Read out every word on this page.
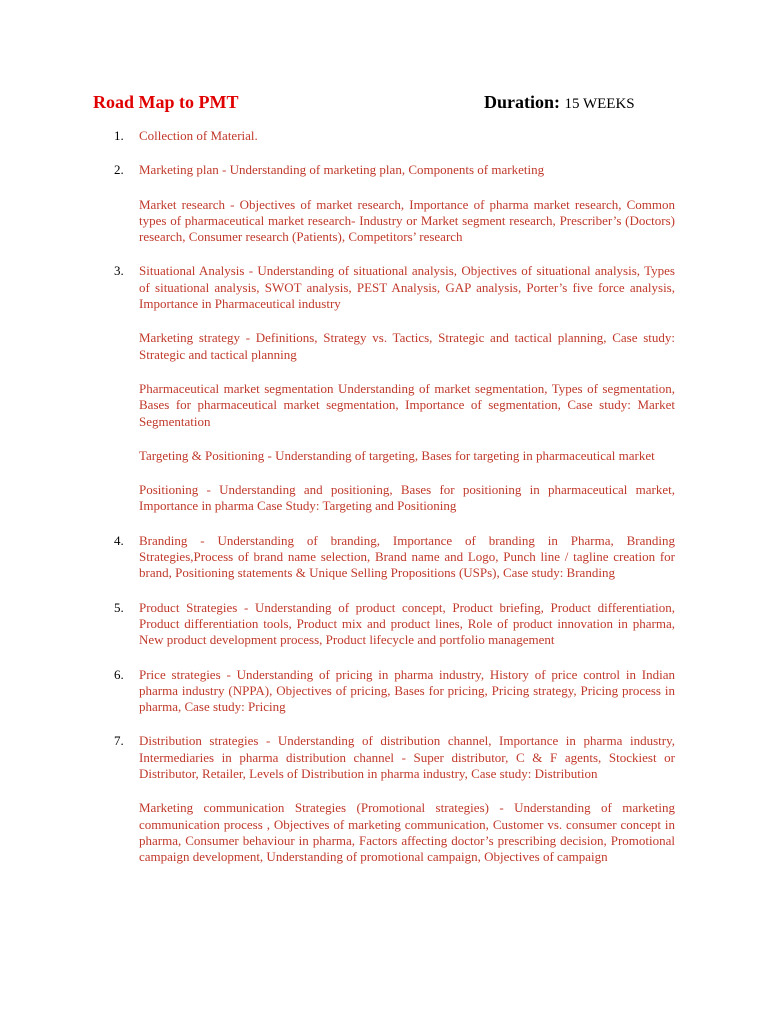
Road Map to PMT	Duration: 15 WEEKS
1. Collection of Material.
2. Marketing plan - Understanding of marketing plan, Components of marketing
Market research - Objectives of market research, Importance of pharma market research, Common types of pharmaceutical market research- Industry or Market segment research, Prescriber’s (Doctors) research, Consumer research (Patients), Competitors’ research
3. Situational Analysis - Understanding of situational analysis, Objectives of situational analysis, Types of situational analysis, SWOT analysis, PEST Analysis, GAP analysis, Porter’s five force analysis, Importance in Pharmaceutical industry
Marketing strategy - Definitions, Strategy vs. Tactics, Strategic and tactical planning, Case study: Strategic and tactical planning
Pharmaceutical market segmentation Understanding of market segmentation, Types of segmentation, Bases for pharmaceutical market segmentation, Importance of segmentation, Case study: Market Segmentation
Targeting & Positioning - Understanding of targeting, Bases for targeting in pharmaceutical market
Positioning - Understanding and positioning, Bases for positioning in pharmaceutical market, Importance in pharma Case Study: Targeting and Positioning
4. Branding - Understanding of branding, Importance of branding in Pharma, Branding Strategies,Process of brand name selection, Brand name and Logo, Punch line / tagline creation for brand, Positioning statements & Unique Selling Propositions (USPs), Case study: Branding
5. Product Strategies - Understanding of product concept, Product briefing, Product differentiation, Product differentiation tools, Product mix and product lines, Role of product innovation in pharma, New product development process, Product lifecycle and portfolio management
6. Price strategies - Understanding of pricing in pharma industry, History of price control in Indian pharma industry (NPPA), Objectives of pricing, Bases for pricing, Pricing strategy, Pricing process in pharma, Case study: Pricing
7. Distribution strategies - Understanding of distribution channel, Importance in pharma industry, Intermediaries in pharma distribution channel - Super distributor, C & F agents, Stockiest or Distributor, Retailer, Levels of Distribution in pharma industry, Case study: Distribution
Marketing communication Strategies (Promotional strategies) - Understanding of marketing communication process , Objectives of marketing communication, Customer vs. consumer concept in pharma, Consumer behaviour in pharma, Factors affecting doctor’s prescribing decision, Promotional campaign development, Understanding of promotional campaign, Objectives of campaign
